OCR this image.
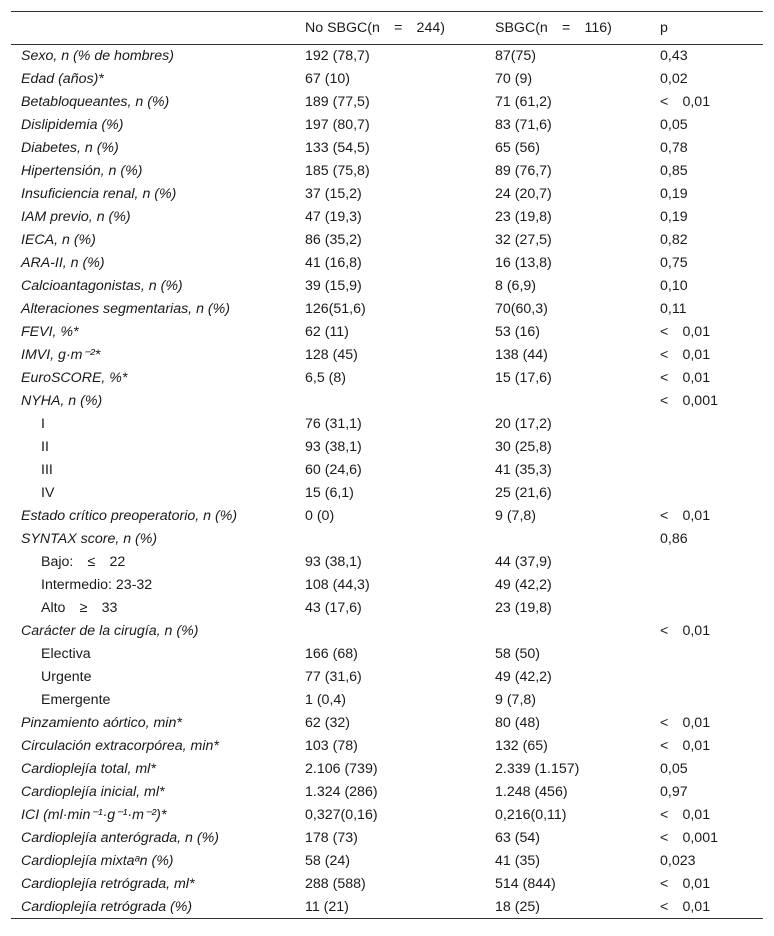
	No SBGC(n = 244)	SBGC(n = 116)	p
Sexo, n (% de hombres)	192 (78,7)	87(75)	0,43
Edad (años)*	67 (10)	70 (9)	0,02
Betabloqueantes, n (%)	189 (77,5)	71 (61,2)	< 0,01
Dislipidemia (%)	197 (80,7)	83 (71,6)	0,05
Diabetes, n (%)	133 (54,5)	65 (56)	0,78
Hipertensión, n (%)	185 (75,8)	89 (76,7)	0,85
Insuficiencia renal, n (%)	37 (15,2)	24 (20,7)	0,19
IAM previo, n (%)	47 (19,3)	23 (19,8)	0,19
IECA, n (%)	86 (35,2)	32 (27,5)	0,82
ARA-II, n (%)	41 (16,8)	16 (13,8)	0,75
Calcioantagonistas, n (%)	39 (15,9)	8 (6,9)	0,10
Alteraciones segmentarias, n (%)	126(51,6)	70(60,3)	0,11
FEVI, %*	62 (11)	53 (16)	< 0,01
IMVI, g·m⁻²*	128 (45)	138 (44)	< 0,01
EuroSCORE, %*	6,5 (8)	15 (17,6)	< 0,01
NYHA, n (%)			< 0,001
I	76 (31,1)	20 (17,2)	
II	93 (38,1)	30 (25,8)	
III	60 (24,6)	41 (35,3)	
IV	15 (6,1)	25 (21,6)	
Estado crítico preoperatorio, n (%)	0 (0)	9 (7,8)	< 0,01
SYNTAX score, n (%)			0,86
Bajo: ≤ 22	93 (38,1)	44 (37,9)	
Intermedio: 23-32	108 (44,3)	49 (42,2)	
Alto ≥ 33	43 (17,6)	23 (19,8)	
Carácter de la cirugía, n (%)			< 0,01
Electiva	166 (68)	58 (50)	
Urgente	77 (31,6)	49 (42,2)	
Emergente	1 (0,4)	9 (7,8)	
Pinzamiento aórtico, min*	62 (32)	80 (48)	< 0,01
Circulación extracorpórea, min*	103 (78)	132 (65)	< 0,01
Cardioplejía total, ml*	2.106 (739)	2.339 (1.157)	0,05
Cardioplejía inicial, ml*	1.324 (286)	1.248 (456)	0,97
ICI (ml·min⁻¹·g⁻¹·m⁻²)*	0,327(0,16)	0,216(0,11)	< 0,01
Cardioplejía anterógrada, n (%)	178 (73)	63 (54)	< 0,001
Cardioplejía mixtaᵃn (%)	58 (24)	41 (35)	0,023
Cardioplejía retrógrada, ml*	288 (588)	514 (844)	< 0,01
Cardioplejía retrógrada (%)	11 (21)	18 (25)	< 0,01
